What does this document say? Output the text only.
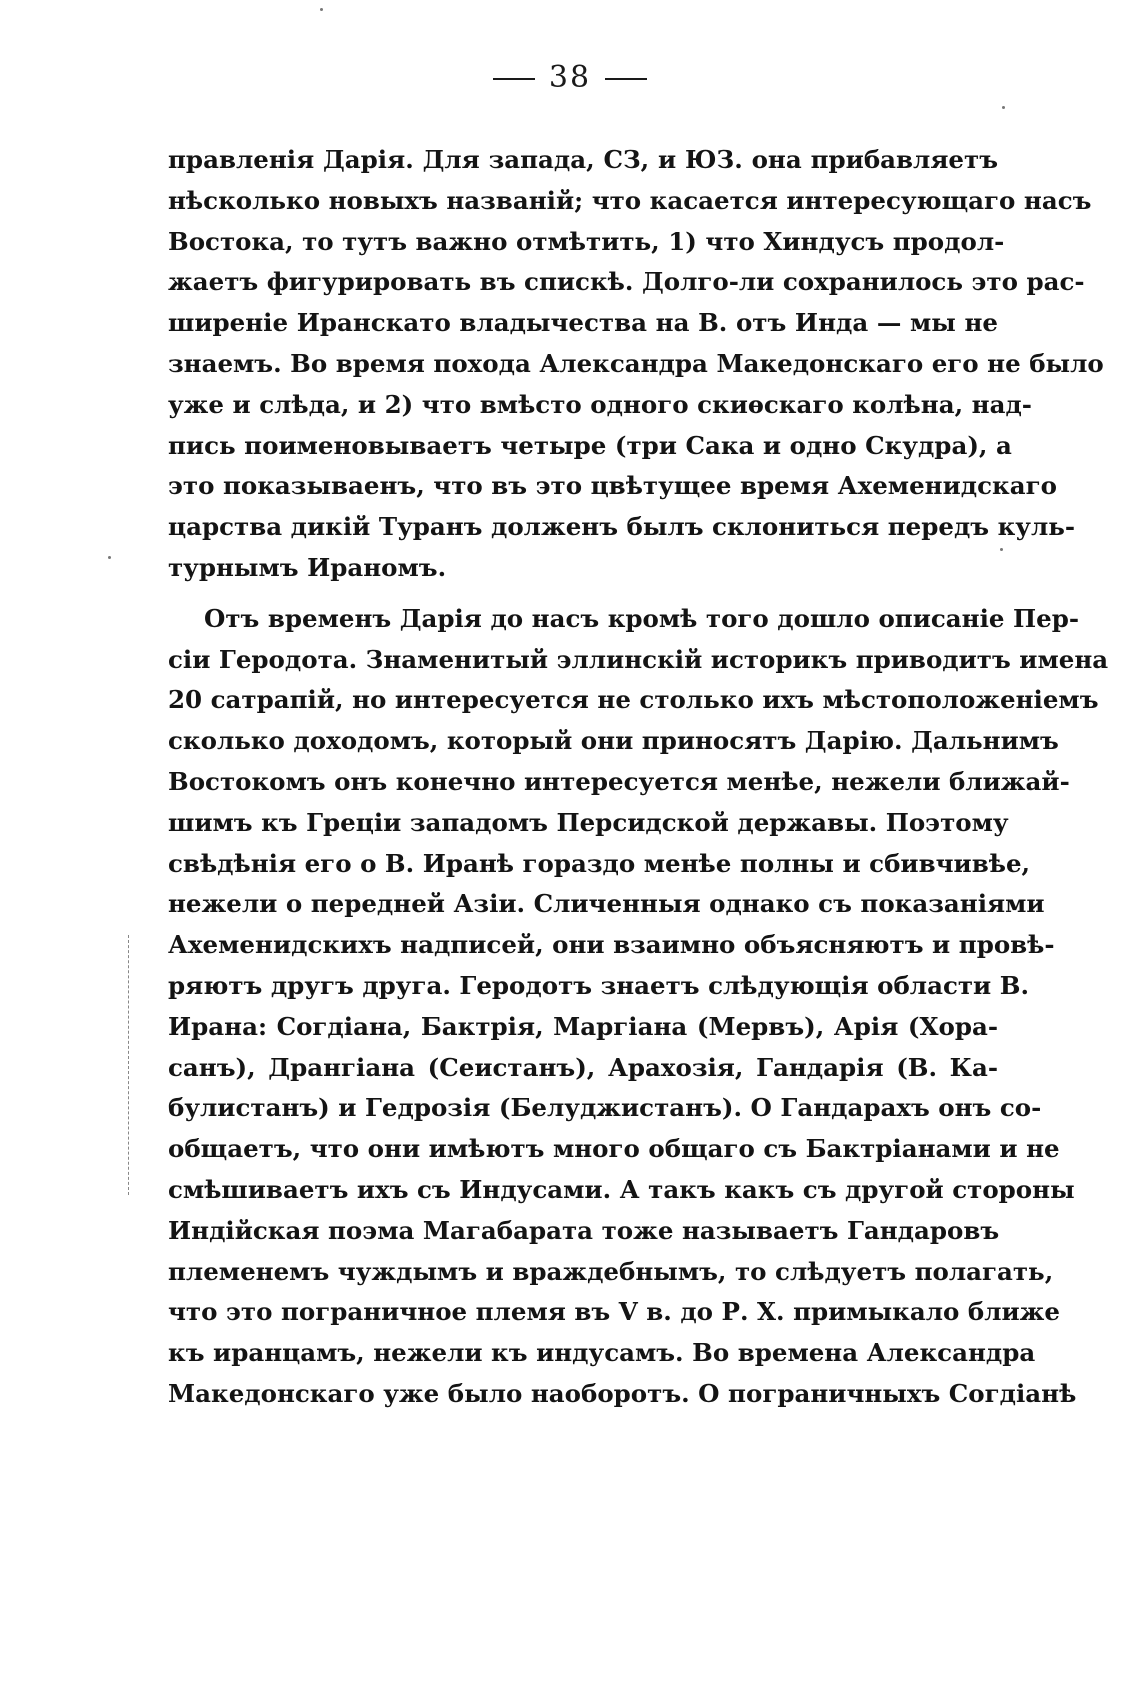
38
правленія Дарія. Для запада, СЗ, и ЮЗ. она прибавляетъ
нѣсколько новыхъ названій; что касается интересующаго насъ
Востока, то тутъ важно отмѣтить, 1) что Хиндусъ продол-
жаетъ фигурировать въ спискѣ. Долго-ли сохранилось это рас-
ширеніе Иранскато владычества на В. отъ Инда — мы не
знаемъ. Во время похода Александра Македонскаго его не было
уже и слѣда, и 2) что вмѣсто одного скиѳскаго колѣна, над-
пись поименовываетъ четыре (три Сака и одно Скудра), а
это показываенъ, что въ это цвѣтущее время Ахеменидскаго
царства дикій Туранъ долженъ былъ склониться передъ куль-
турнымъ Ираномъ.
Отъ временъ Дарія до насъ кромѣ того дошло описаніе Пер-
сіи Геродота. Знаменитый эллинскій историкъ приводитъ имена
20 сатрапій, но интересуется не столько ихъ мѣстоположеніемъ
сколько доходомъ, который они приносятъ Дарію. Дальнимъ
Востокомъ онъ конечно интересуется менѣе, нежели ближай-
шимъ къ Греціи западомъ Персидской державы. Поэтому
свѣдѣнія его о В. Иранѣ гораздо менѣе полны и сбивчивѣе,
нежели о передней Азіи. Сличенныя однако съ показаніями
Ахеменидскихъ надписей, они взаимно объясняютъ и провѣ-
ряютъ другъ друга. Геродотъ знаетъ слѣдующія области В.
Ирана: Согдіана, Бактрія, Маргіана (Мервъ), Арія (Хора-
санъ), Дрангіана (Сеистанъ), Арахозія, Гандарія (В. Ка-
булистанъ) и Гедрозія (Белуджистанъ). О Гандарахъ онъ со-
общаетъ, что они имѣютъ много общаго съ Бактріанами и не
смѣшиваетъ ихъ съ Индусами. А такъ какъ съ другой стороны
Индійская поэма Магабарата тоже называетъ Гандаровъ
племенемъ чуждымъ и враждебнымъ, то слѣдуетъ полагать,
что это пограничное племя въ V в. до Р. Х. примыкало ближе
къ иранцамъ, нежели къ индусамъ. Во времена Александра
Македонскаго уже было наоборотъ. О пограничныхъ Согдіанѣ
